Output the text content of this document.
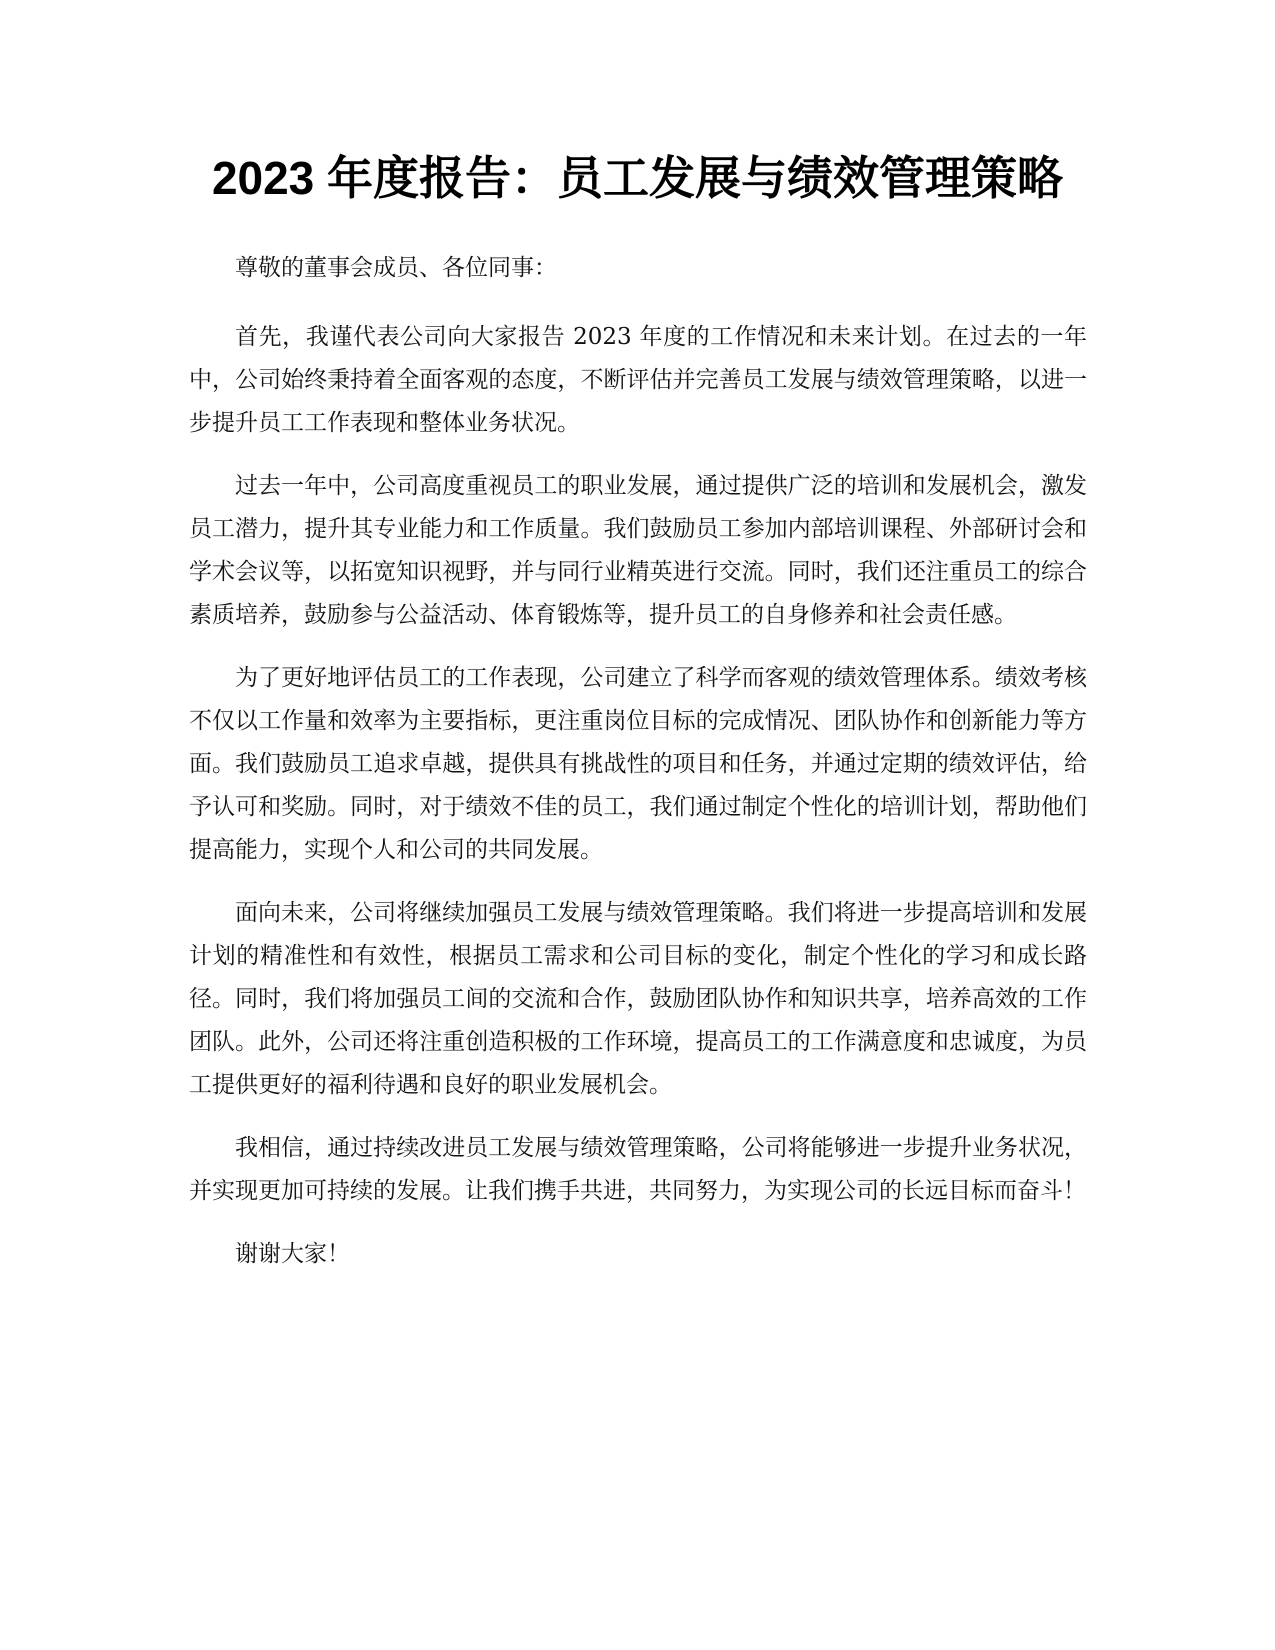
2023 年度报告：员工发展与绩效管理策略

尊敬的董事会成员、各位同事：

首先，我谨代表公司向大家报告 2023 年度的工作情况和未来计划。在过去的一年中，公司始终秉持着全面客观的态度，不断评估并完善员工发展与绩效管理策略，以进一步提升员工工作表现和整体业务状况。

过去一年中，公司高度重视员工的职业发展，通过提供广泛的培训和发展机会，激发员工潜力，提升其专业能力和工作质量。我们鼓励员工参加内部培训课程、外部研讨会和学术会议等，以拓宽知识视野，并与同行业精英进行交流。同时，我们还注重员工的综合素质培养，鼓励参与公益活动、体育锻炼等，提升员工的自身修养和社会责任感。

为了更好地评估员工的工作表现，公司建立了科学而客观的绩效管理体系。绩效考核不仅以工作量和效率为主要指标，更注重岗位目标的完成情况、团队协作和创新能力等方面。我们鼓励员工追求卓越，提供具有挑战性的项目和任务，并通过定期的绩效评估，给予认可和奖励。同时，对于绩效不佳的员工，我们通过制定个性化的培训计划，帮助他们提高能力，实现个人和公司的共同发展。

面向未来，公司将继续加强员工发展与绩效管理策略。我们将进一步提高培训和发展计划的精准性和有效性，根据员工需求和公司目标的变化，制定个性化的学习和成长路径。同时，我们将加强员工间的交流和合作，鼓励团队协作和知识共享，培养高效的工作团队。此外，公司还将注重创造积极的工作环境，提高员工的工作满意度和忠诚度，为员工提供更好的福利待遇和良好的职业发展机会。

我相信，通过持续改进员工发展与绩效管理策略，公司将能够进一步提升业务状况，并实现更加可持续的发展。让我们携手共进，共同努力，为实现公司的长远目标而奋斗！

谢谢大家！
